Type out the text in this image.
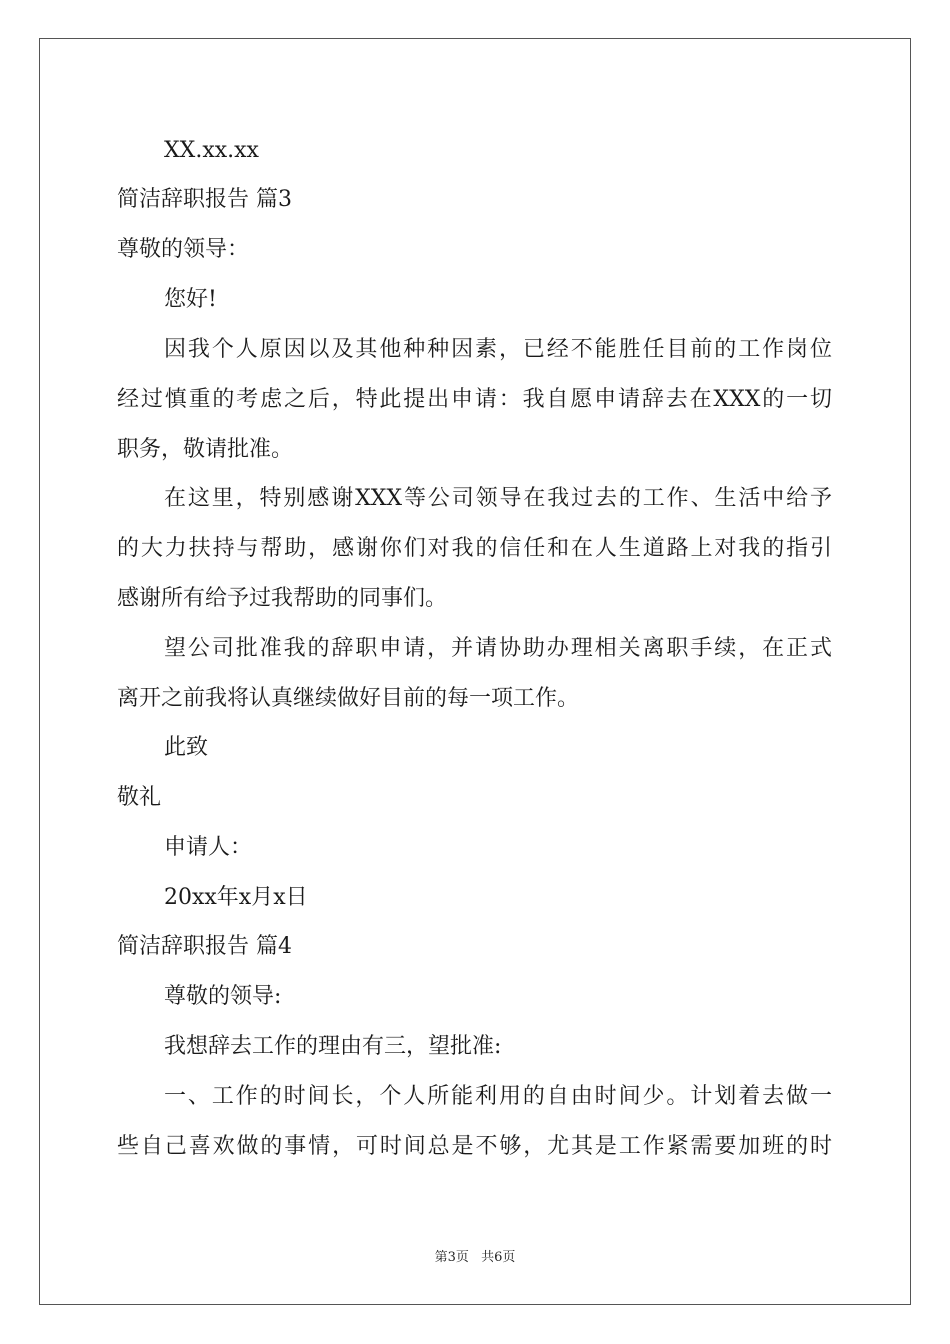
XX.xx.xx
简洁辞职报告 篇3
尊敬的领导：
您好!
因我个人原因以及其他种种因素，已经不能胜任目前的工作岗位
经过慎重的考虑之后，特此提出申请：我自愿申请辞去在XXX的一切
职务，敬请批准。
在这里，特别感谢XXX等公司领导在我过去的工作、生活中给予
的大力扶持与帮助，感谢你们对我的信任和在人生道路上对我的指引
感谢所有给予过我帮助的同事们。
望公司批准我的辞职申请，并请协助办理相关离职手续，在正式
离开之前我将认真继续做好目前的每一项工作。
此致
敬礼
申请人：
20xx年x月x日
简洁辞职报告 篇4
尊敬的领导:
我想辞去工作的理由有三，望批准:
一、工作的时间长，个人所能利用的自由时间少。计划着去做一
些自己喜欢做的事情，可时间总是不够，尤其是工作紧需要加班的时
第3页 共6页
